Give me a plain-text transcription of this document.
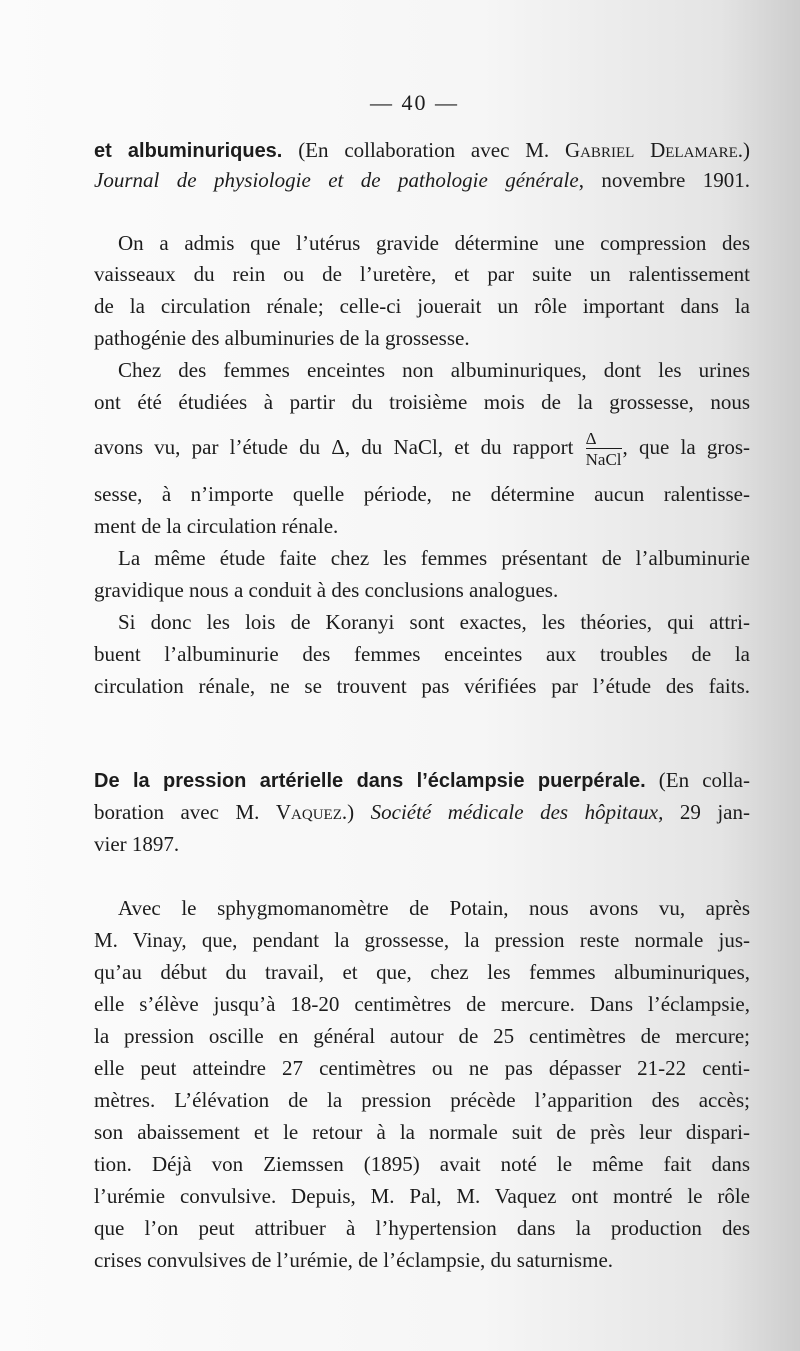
— 40 —
et albuminuriques. (En collaboration avec M. Gabriel Delamare.)
Journal de physiologie et de pathologie générale, novembre 1901.
On a admis que l’utérus gravide détermine une compression des
vaisseaux du rein ou de l’uretère, et par suite un ralentissement
de la circulation rénale; celle-ci jouerait un rôle important dans la
pathogénie des albuminuries de la grossesse.
Chez des femmes enceintes non albuminuriques, dont les urines
ont été étudiées à partir du troisième mois de la grossesse, nous
avons vu, par l’étude du Δ, du NaCl, et du rapport $\frac{\Delta}{\text{NaCl}}$ , que la gros-
sesse, à n’importe quelle période, ne détermine aucun ralentisse-
ment de la circulation rénale.
La même étude faite chez les femmes présentant de l’albuminurie
gravidique nous a conduit à des conclusions analogues.
Si donc les lois de Koranyi sont exactes, les théories, qui attri-
buent l’albuminurie des femmes enceintes aux troubles de la
circulation rénale, ne se trouvent pas vérifiées par l’étude des faits.
De la pression artérielle dans l’éclampsie puerpérale. (En colla-
boration avec M. Vaquez.) Société médicale des hôpitaux, 29 jan-
vier 1897.
Avec le sphygmomanomètre de Potain, nous avons vu, après
M. Vinay, que, pendant la grossesse, la pression reste normale jus-
qu’au début du travail, et que, chez les femmes albuminuriques,
elle s’élève jusqu’à 18-20 centimètres de mercure. Dans l’éclampsie,
la pression oscille en général autour de 25 centimètres de mercure;
elle peut atteindre 27 centimètres ou ne pas dépasser 21-22 centi-
mètres. L’élévation de la pression précède l’apparition des accès;
son abaissement et le retour à la normale suit de près leur dispari-
tion. Déjà von Ziemssen (1895) avait noté le même fait dans
l’urémie convulsive. Depuis, M. Pal, M. Vaquez ont montré le rôle
que l’on peut attribuer à l’hypertension dans la production des
crises convulsives de l’urémie, de l’éclampsie, du saturnisme.
